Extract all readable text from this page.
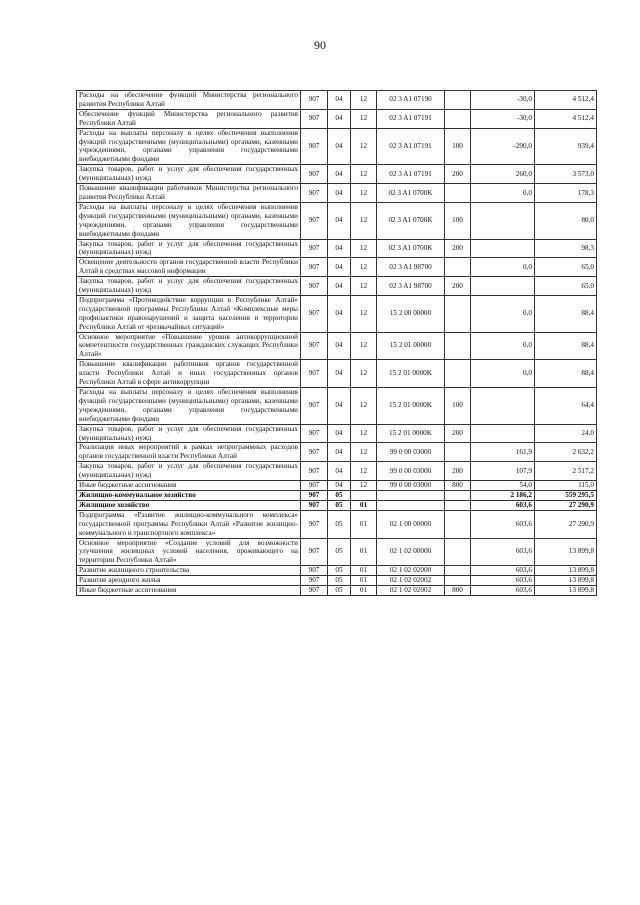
90
Расходы на обеспечение функций Министерства регионального развития Республики Алтай	907	04	12	02 3 A1 07190		-30,0	4 512,4
Обеспечение функций Министерства регионального развития Республики Алтай	907	04	12	02 3 A1 07191		-30,0	4 512,4
Расходы на выплаты персоналу в целях обеспечения выполнения функций государственными (муниципальными) органами, казенными учреждениями, органами управления государственными внебюджетными фондами	907	04	12	02 3 A1 07191	100	-290,0	939,4
Закупка товаров, работ и услуг для обеспечения государственных (муниципальных) нужд	907	04	12	02 3 A1 07191	200	260,0	3 573,0
Повышение квалификации работников Министерства регионального развития Республики Алтай	907	04	12	02 3 A1 0700K		0,0	178,3
Расходы на выплаты персоналу в целях обеспечения выполнения функций государственными (муниципальными) органами, казенными учреждениями, органами управления государственными внебюджетными фондами	907	04	12	02 3 A1 0700K	100		80,0
Закупка товаров, работ и услуг для обеспечения государственных (муниципальных) нужд	907	04	12	02 3 A1 0700K	200		98,3
Освещение деятельности органов государственной власти Республики Алтай в средствах массовой информации	907	04	12	02 3 A1 98700		0,0	65,0
Закупка товаров, работ и услуг для обеспечения государственных (муниципальных) нужд	907	04	12	02 3 A1 98700	200		65,0
Подпрограмма «Противодействие коррупции в Республике Алтай» государственной программы Республики Алтай «Комплексные меры профилактики правонарушений и защита населения и территории Республики Алтай от чрезвычайных ситуаций»	907	04	12	15 2 00 00000		0,0	88,4
Основное мероприятие «Повышение уровня антикоррупционной компетентности государственных гражданских служащих Республики Алтай»	907	04	12	15 2 01 00000		0,0	88,4
Повышение квалификации работников органов государственной власти Республики Алтай и иных государственных органов Республики Алтай в сфере антикоррупции	907	04	12	15 2 01 0000K		0,0	88,4
Расходы на выплаты персоналу в целях обеспечения выполнения функций государственными (муниципальными) органами, казенными учреждениями, органами управления государственными внебюджетными фондами	907	04	12	15 2 01 0000K	100		64,4
Закупка товаров, работ и услуг для обеспечения государственных (муниципальных) нужд	907	04	12	15 2 01 0000K	200		24,0
Реализация иных мероприятий в рамках непрограммных расходов органов государственной власти Республики Алтай	907	04	12	99 0 00 03000		161,9	2 632,2
Закупка товаров, работ и услуг для обеспечения государственных (муниципальных) нужд	907	04	12	99 0 00 03000	200	107,9	2 517,2
Иные бюджетные ассигнования	907	04	12	99 0 00 03000	800	54,0	115,0
Жилищно-коммунальное хозяйство	907	05				2 186,2	559 295,5
Жилищное хозяйство	907	05	01			603,6	27 290,9
Подпрограмма «Развитие жилищно-коммунального комплекса» государственной программы Республики Алтай «Развитие жилищно-коммунального и транспортного комплекса»	907	05	01	02 1 00 00000		603,6	27 290,9
Основное мероприятие «Создание условий для возможности улучшения жилищных условий населения, проживающего на территории Республики Алтай»	907	05	01	02 1 02 00000		603,6	13 899,8
Развитие жилищного строительства	907	05	01	02 1 02 02000		603,6	13 899,8
Развитие арендного жилья	907	05	01	02 1 02 02002		603,6	13 899,8
Иные бюджетные ассигнования	907	05	01	02 1 02 02002	800	603,6	13 899,8
